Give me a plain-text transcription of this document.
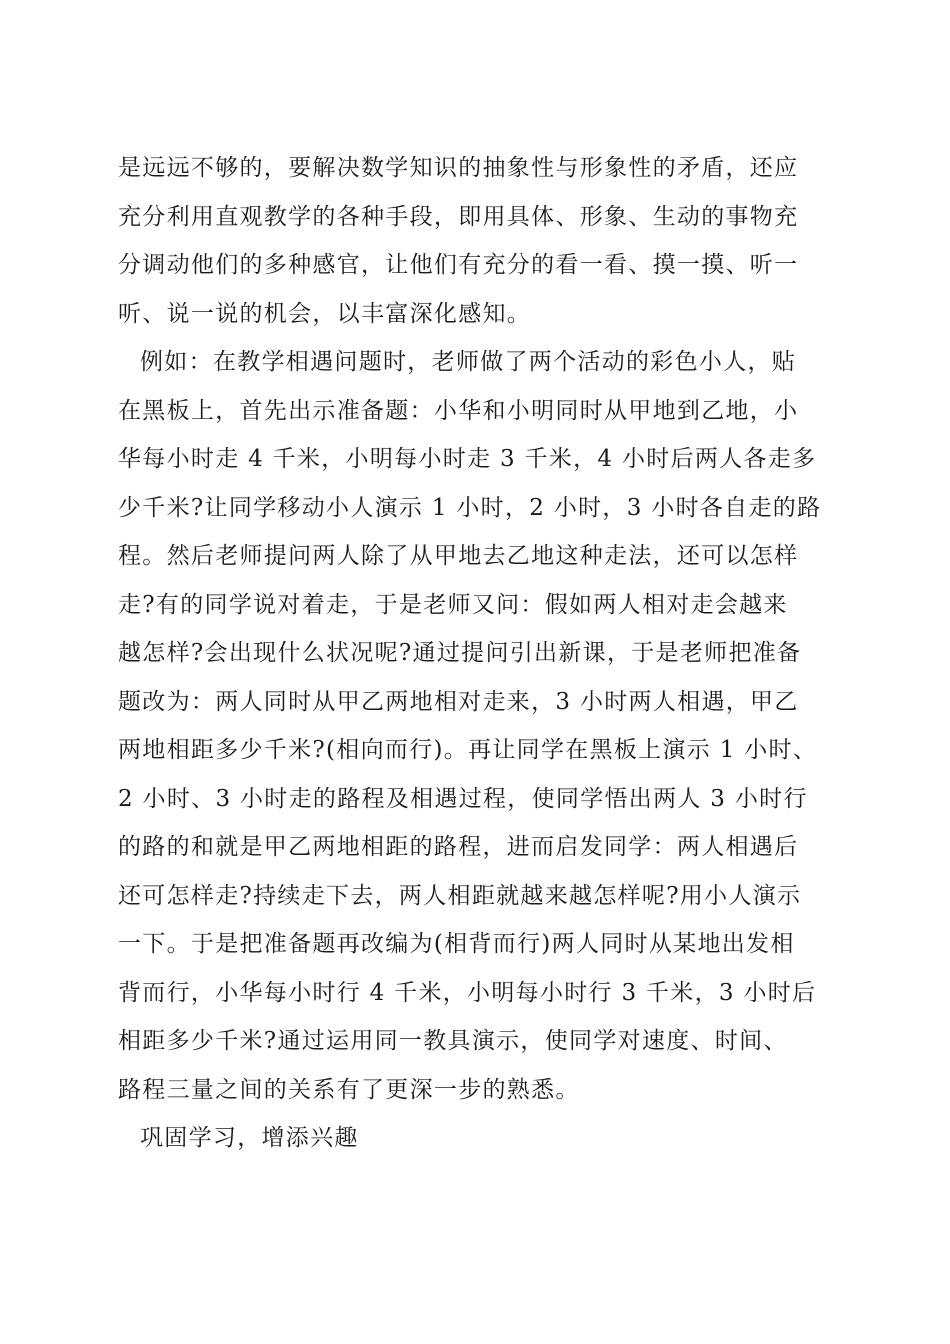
是远远不够的，要解决数学知识的抽象性与形象性的矛盾，还应
充分利用直观教学的各种手段，即用具体、形象、生动的事物充
分调动他们的多种感官，让他们有充分的看一看、摸一摸、听一
听、说一说的机会，以丰富深化感知。
例如：在教学相遇问题时，老师做了两个活动的彩色小人，贴
在黑板上，首先出示准备题：小华和小明同时从甲地到乙地，小
华每小时走 4 千米，小明每小时走 3 千米，4 小时后两人各走多
少千米?让同学移动小人演示 1 小时，2 小时，3 小时各自走的路
程。然后老师提问两人除了从甲地去乙地这种走法，还可以怎样
走?有的同学说对着走，于是老师又问：假如两人相对走会越来
越怎样?会出现什么状况呢?通过提问引出新课，于是老师把准备
题改为：两人同时从甲乙两地相对走来，3 小时两人相遇，甲乙
两地相距多少千米?(相向而行)。再让同学在黑板上演示 1 小时、
2 小时、3 小时走的路程及相遇过程，使同学悟出两人 3 小时行
的路的和就是甲乙两地相距的路程，进而启发同学：两人相遇后
还可怎样走?持续走下去，两人相距就越来越怎样呢?用小人演示
一下。于是把准备题再改编为(相背而行)两人同时从某地出发相
背而行，小华每小时行 4 千米，小明每小时行 3 千米，3 小时后
相距多少千米?通过运用同一教具演示，使同学对速度、时间、
路程三量之间的关系有了更深一步的熟悉。
巩固学习，增添兴趣
